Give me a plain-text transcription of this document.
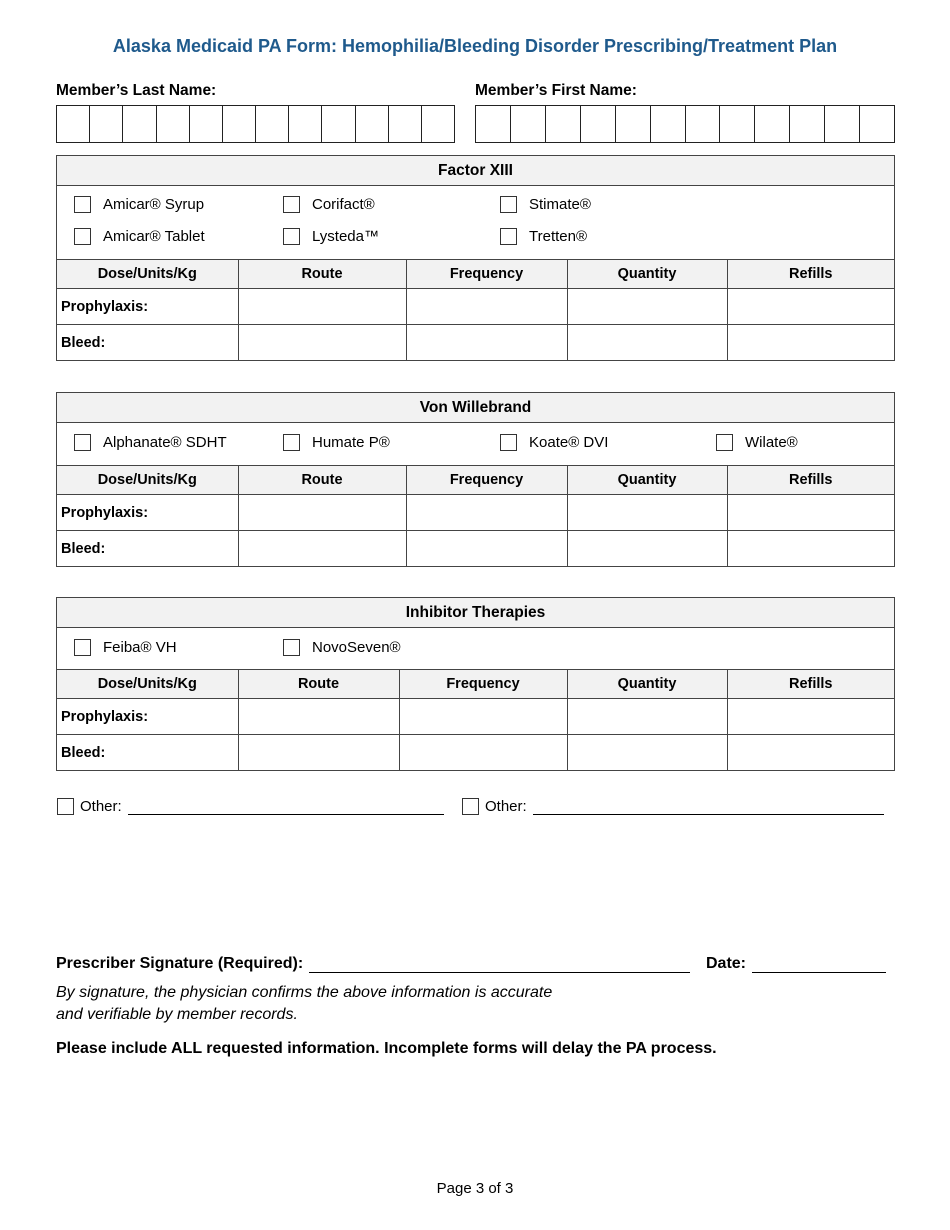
Alaska Medicaid PA Form: Hemophilia/Bleeding Disorder Prescribing/Treatment Plan
Member’s Last Name:	Member’s First Name:
Factor XIII
Amicar® Syrup	Corifact®	Stimate®
Amicar® Tablet	Lysteda™	Tretten®
Dose/Units/Kg	Route	Frequency	Quantity	Refills
Prophylaxis:				
Bleed:				
Von Willebrand
Alphanate® SDHT	Humate P®	Koate® DVI	Wilate®
Dose/Units/Kg	Route	Frequency	Quantity	Refills
Prophylaxis:				
Bleed:				
Inhibitor Therapies
Feiba® VH	NovoSeven®
Dose/Units/Kg	Route	Frequency	Quantity	Refills
Prophylaxis:				
Bleed:				
Other:	Other:
Prescriber Signature (Required):	Date:
By signature, the physician confirms the above information is accurate
and verifiable by member records.
Please include ALL requested information. Incomplete forms will delay the PA process.
Page 3 of 3
